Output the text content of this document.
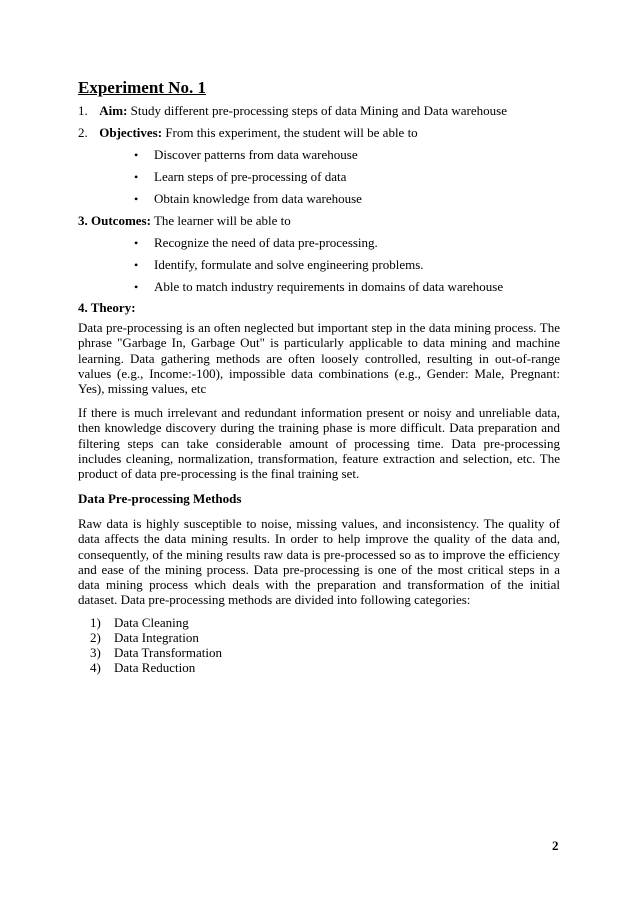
Experiment No. 1
1. Aim: Study different pre-processing steps of data Mining and Data warehouse
2. Objectives: From this experiment, the student will be able to
• Discover patterns from data warehouse
• Learn steps of pre-processing of data
• Obtain knowledge from data warehouse
3. Outcomes: The learner will be able to
• Recognize the need of data pre-processing.
• Identify, formulate and solve engineering problems.
• Able to match industry requirements in domains of data warehouse
4. Theory:

Data pre-processing is an often neglected but important step in the data mining process. The phrase "Garbage In, Garbage Out" is particularly applicable to data mining and machine learning. Data gathering methods are often loosely controlled, resulting in out-of-range values (e.g., Income:-100), impossible data combinations (e.g., Gender: Male, Pregnant: Yes), missing values, etc

If there is much irrelevant and redundant information present or noisy and unreliable data, then knowledge discovery during the training phase is more difficult. Data preparation and filtering steps can take considerable amount of processing time. Data pre-processing includes cleaning, normalization, transformation, feature extraction and selection, etc. The product of data pre-processing is the final training set.

Data Pre-processing Methods

Raw data is highly susceptible to noise, missing values, and inconsistency. The quality of data affects the data mining results. In order to help improve the quality of the data and, consequently, of the mining results raw data is pre-processed so as to improve the efficiency and ease of the mining process. Data pre-processing is one of the most critical steps in a data mining process which deals with the preparation and transformation of the initial dataset. Data pre-processing methods are divided into following categories:

1) Data Cleaning
2) Data Integration
3) Data Transformation
4) Data Reduction
2
